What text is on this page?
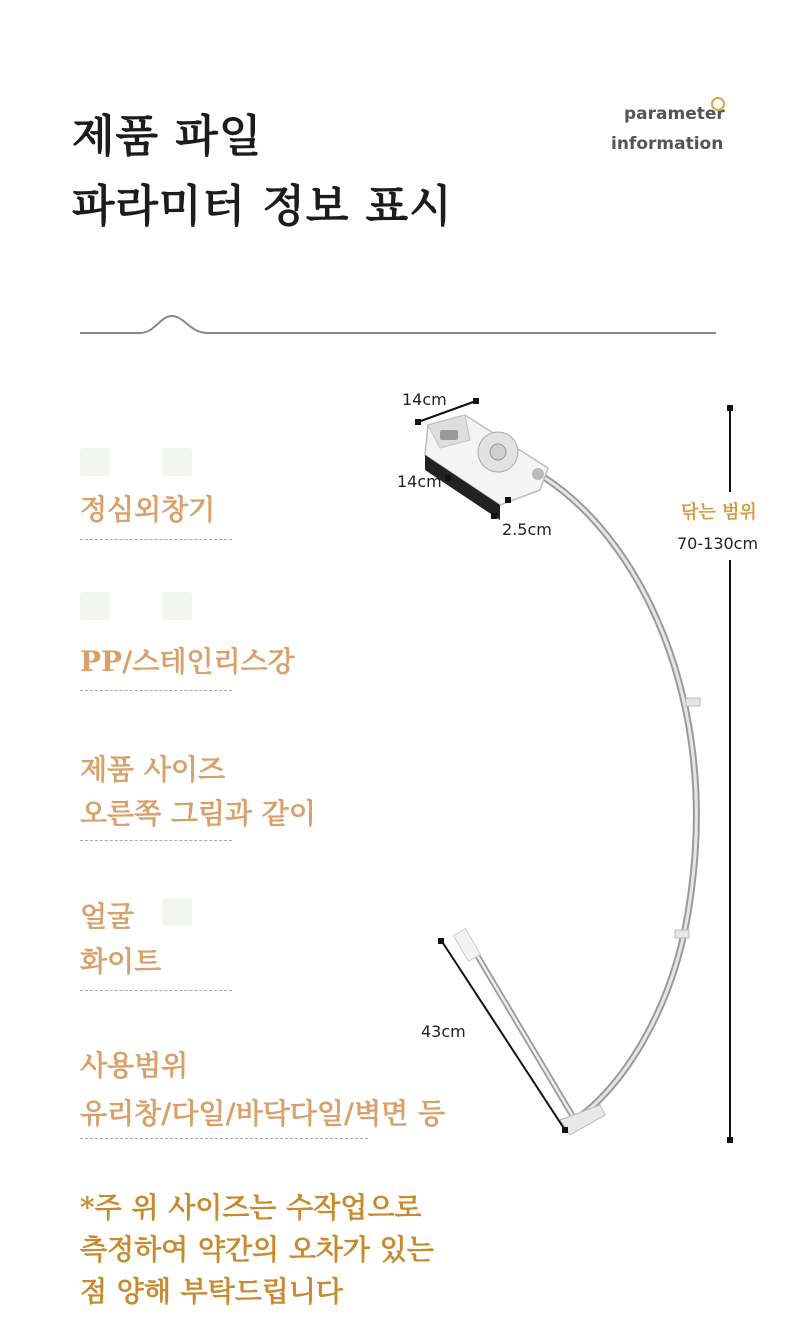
제품 파일
파라미터 정보 표시
parameter
information
정심외창기
PP/스테인리스강
제품 사이즈
오른쪽 그림과 같이
얼굴
화이트
사용범위
유리창/다일/바닥다일/벽면 등
*주 위 사이즈는 수작업으로
측정하여 약간의 오차가 있는
점 양해 부탁드립니다
14cm
14cm
2.5cm
43cm
닦는 범위
70-130cm
